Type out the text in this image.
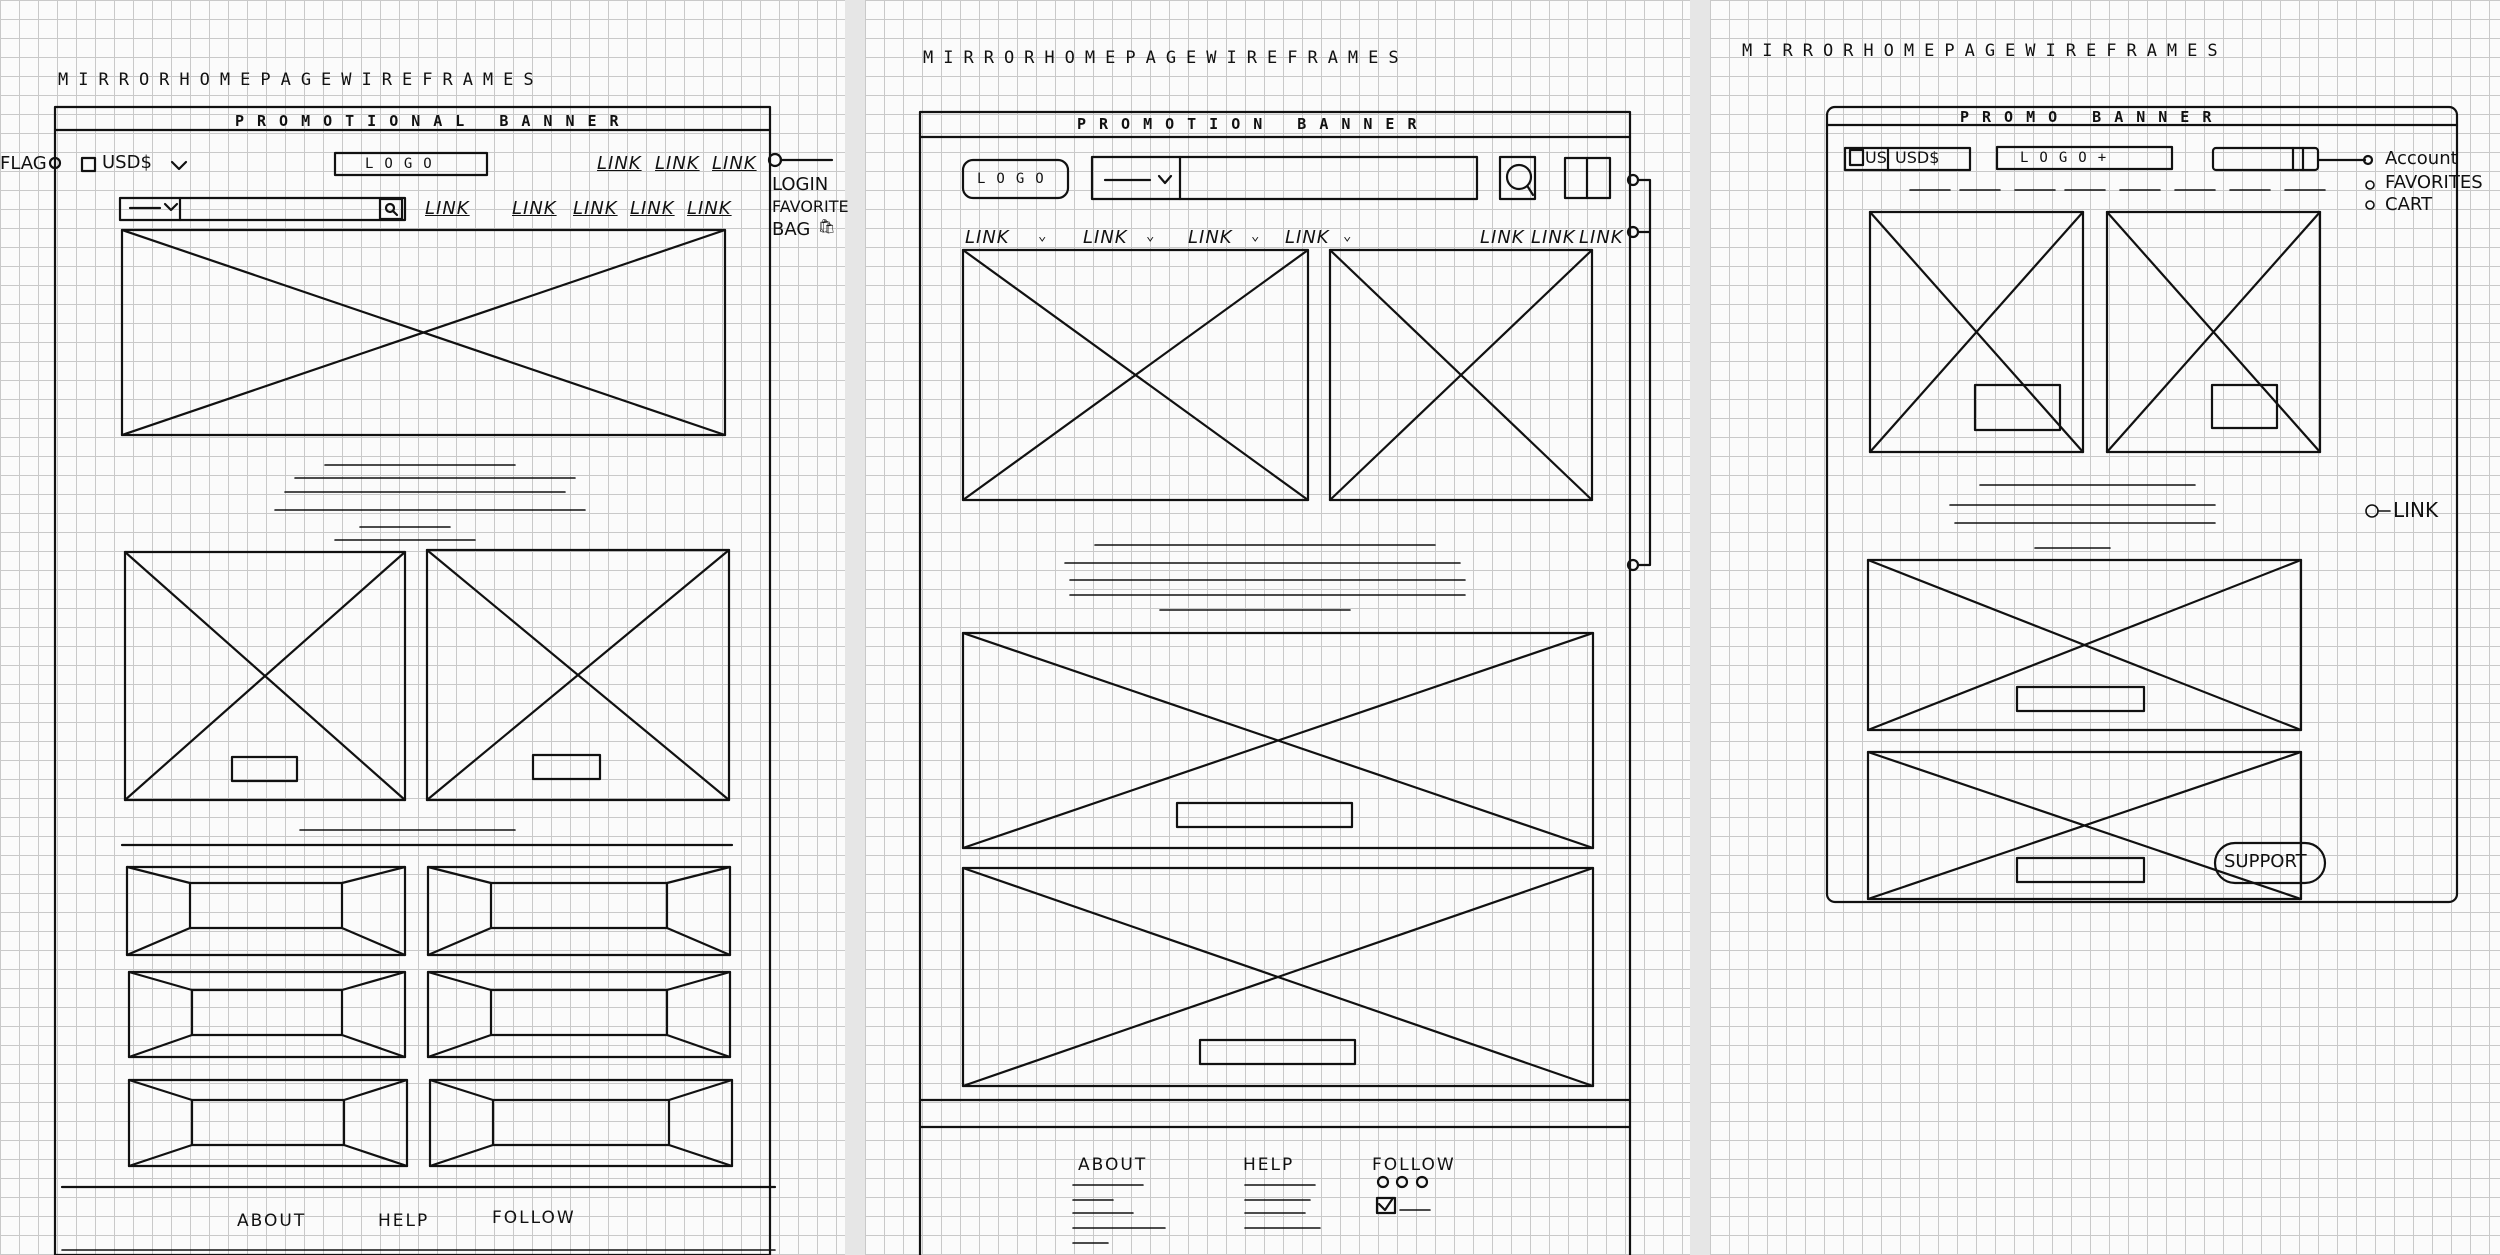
MIRRORHOMEPAGEWIREFRAMES
PROMOTIONAL BANNER
FLAG	USD$	LOGO	LINK LINK LINK
LINK LINK LINK LINK LINK
LOGIN
FAVORITE
BAG 🛍
ABOUT	HELP	FOLLOW
MIRRORHOMEPAGEWIREFRAMES
PROMOTION BANNER
LOGO
LINK ⌄ LINK ⌄ LINK ⌄ LINK ⌄	LINK LINK LINK
ABOUT	HELP	FOLLOW
MIRRORHOMEPAGEWIREFRAMES
PROMO BANNER
US USD$	LOGO+	Account
FAVORITES
CART
LINK
SUPPORT
